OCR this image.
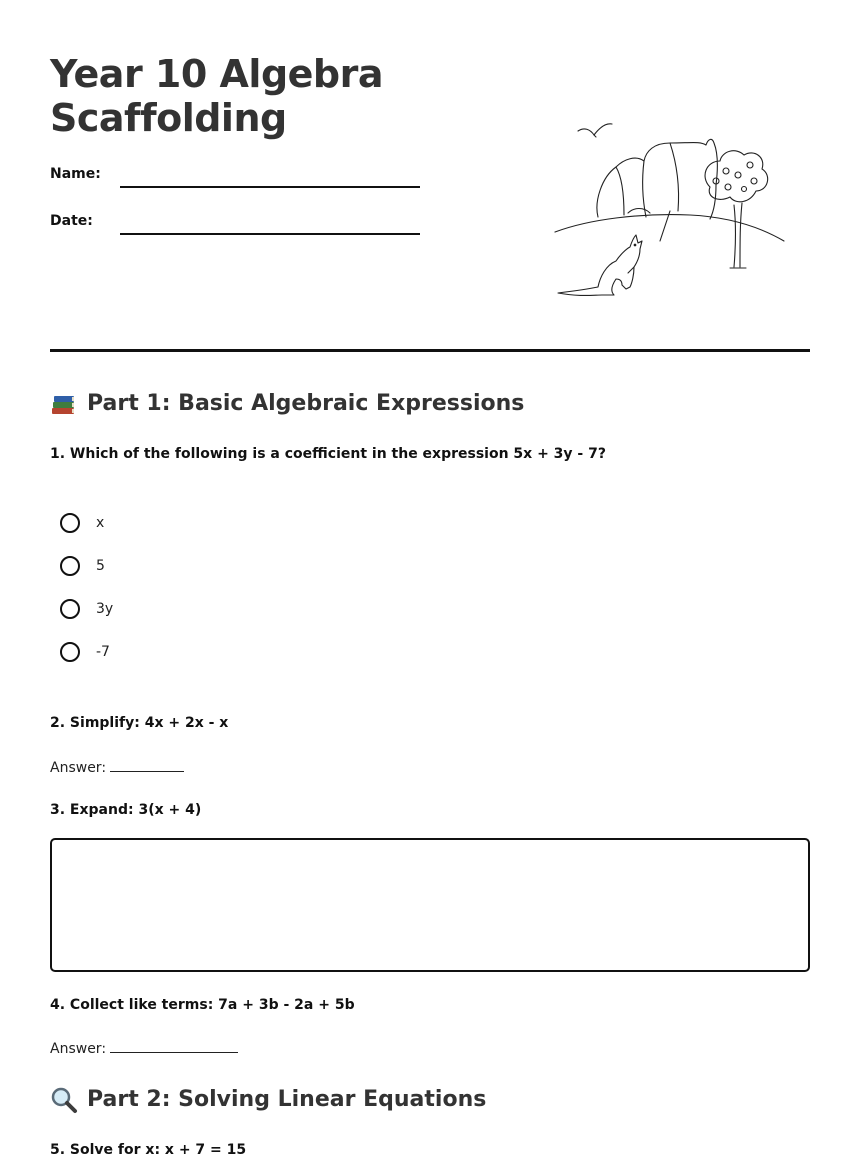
Year 10 Algebra
Scaffolding
Name:
Date:
Part 1: Basic Algebraic Expressions

1. Which of the following is a coefficient in the expression 5x + 3y - 7?

x
5
3y
-7

2. Simplify: 4x + 2x - x

Answer:

3. Expand: 3(x + 4)

4. Collect like terms: 7a + 3b - 2a + 5b

Answer:
Part 2: Solving Linear Equations

5. Solve for x: x + 7 = 15
